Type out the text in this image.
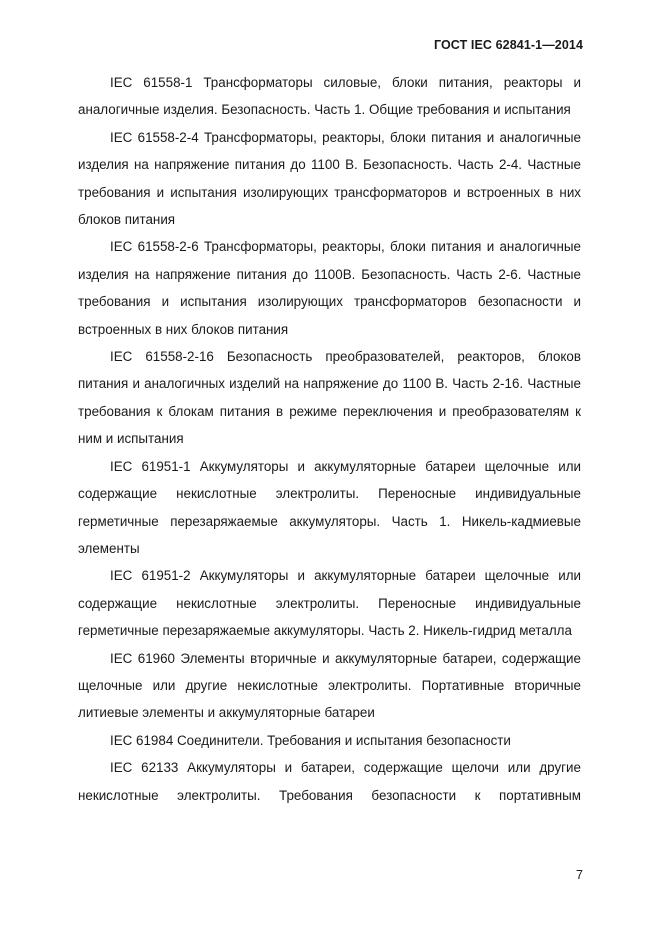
ГОСТ IEC 62841-1—2014

IEC 61558-1 Трансформаторы силовые, блоки питания, реакторы и аналогичные изделия. Безопасность. Часть 1. Общие требования и испытания

IEC 61558-2-4 Трансформаторы, реакторы, блоки питания и аналогичные изделия на напряжение питания до 1100 В. Безопасность. Часть 2-4. Частные требования и испытания изолирующих трансформаторов и встроенных в них блоков питания

IEC 61558-2-6 Трансформаторы, реакторы, блоки питания и аналогичные изделия на напряжение питания до 1100В. Безопасность. Часть 2-6. Частные требования и испытания изолирующих трансформаторов безопасности и встроенных в них блоков питания

IEC 61558-2-16 Безопасность преобразователей, реакторов, блоков питания и аналогичных изделий на напряжение до 1100 В. Часть 2-16. Частные требования к блокам питания в режиме переключения и преобразователям к ним и испытания

IEC 61951-1 Аккумуляторы и аккумуляторные батареи щелочные или содержащие некислотные электролиты. Переносные индивидуальные герметичные перезаряжаемые аккумуляторы. Часть 1. Никель-кадмиевые элементы

IEC 61951-2 Аккумуляторы и аккумуляторные батареи щелочные или содержащие некислотные электролиты. Переносные индивидуальные герметичные перезаряжаемые аккумуляторы. Часть 2. Никель-гидрид металла

IEC 61960 Элементы вторичные и аккумуляторные батареи, содержащие щелочные или другие некислотные электролиты. Портативные вторичные литиевые элементы и аккумуляторные батареи

IEC 61984 Соединители. Требования и испытания безопасности

IEC 62133 Аккумуляторы и батареи, содержащие щелочи или другие некислотные электролиты. Требования безопасности к портативным

7
